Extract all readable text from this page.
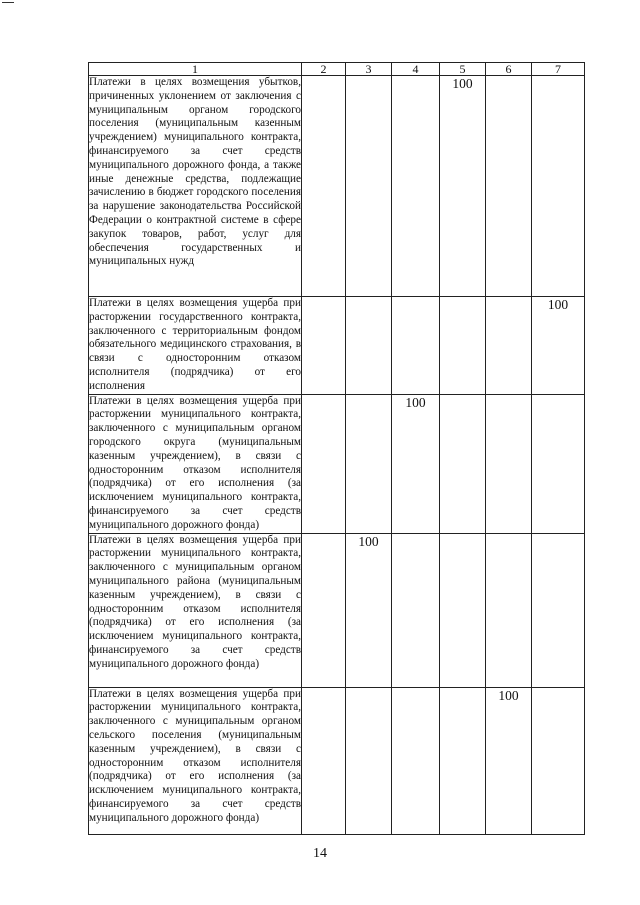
1	2	3	4	5	6	7
Платежи в целях возмещения убытков, причиненных уклонением от заключения с муниципальным органом городского поселения (муниципальным казенным учреждением) муниципального контракта, финансируемого за счет средств муниципального дорожного фонда, а также иные денежные средства, подлежащие зачислению в бюджет городского поселения за нарушение законодательства Российской Федерации о контрактной системе в сфере закупок товаров, работ, услуг для обеспечения государственных и муниципальных нужд				100		
Платежи в целях возмещения ущерба при расторжении государственного контракта, заключенного с территориальным фондом обязательного медицинского страхования, в связи с односторонним отказом исполнителя (подрядчика) от его исполнения						100
Платежи в целях возмещения ущерба при расторжении муниципального контракта, заключенного с муниципальным органом городского округа (муниципальным казенным учреждением), в связи с односторонним отказом исполнителя (подрядчика) от его исполнения (за исключением муниципального контракта, финансируемого за счет средств муниципального дорожного фонда)			100			
Платежи в целях возмещения ущерба при расторжении муниципального контракта, заключенного с муниципальным органом муниципального района (муниципальным казенным учреждением), в связи с односторонним отказом исполнителя (подрядчика) от его исполнения (за исключением муниципального контракта, финансируемого за счет средств муниципального дорожного фонда)		100				
Платежи в целях возмещения ущерба при расторжении муниципального контракта, заключенного с муниципальным органом сельского поселения (муниципальным казенным учреждением), в связи с односторонним отказом исполнителя (подрядчика) от его исполнения (за исключением муниципального контракта, финансируемого за счет средств муниципального дорожного фонда)					100	
14
